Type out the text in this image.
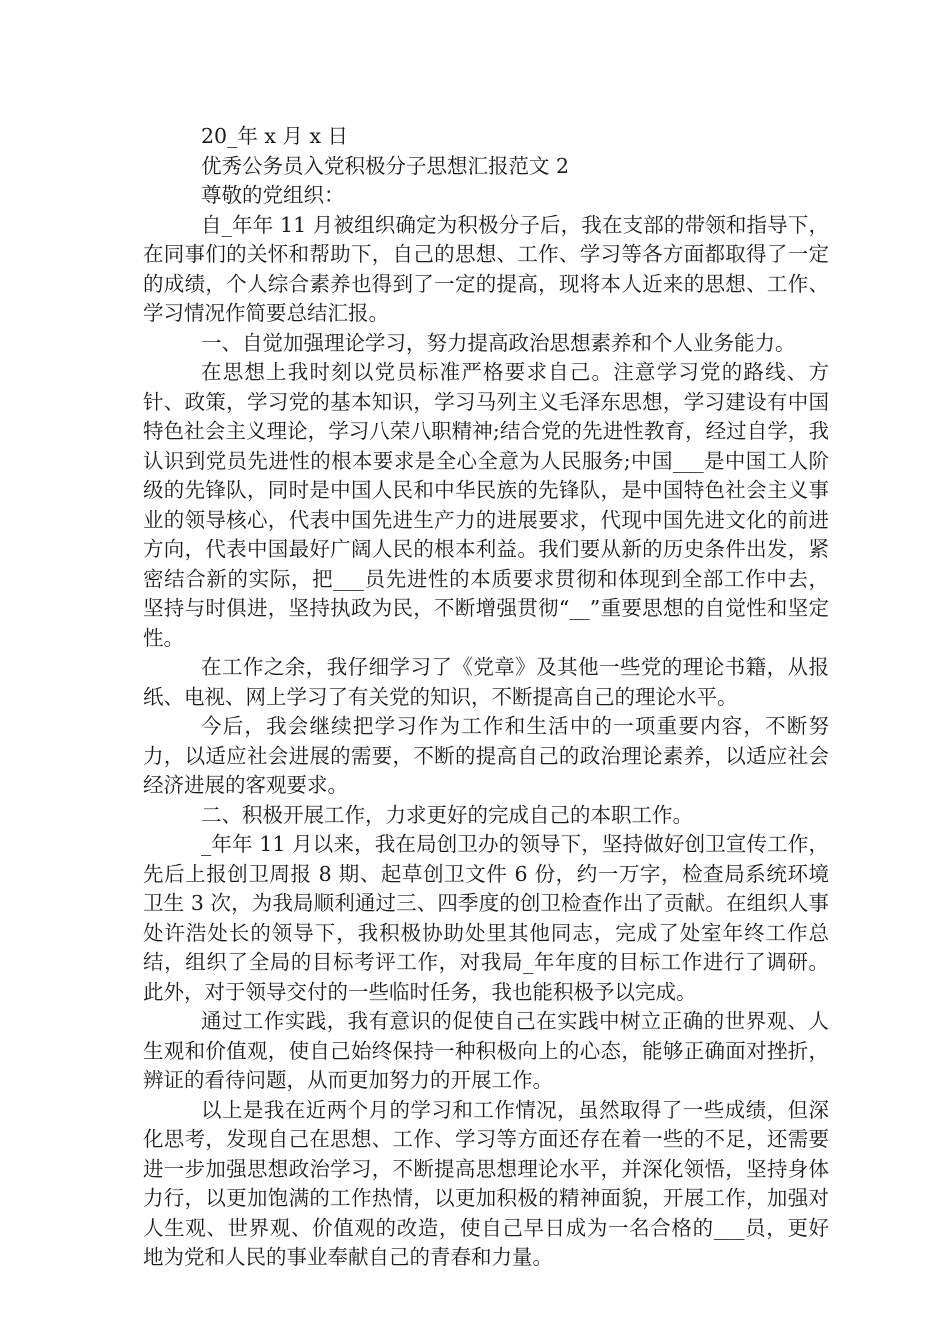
20_年 x 月 x 日

优秀公务员入党积极分子思想汇报范文 2

尊敬的党组织：

自_年年 11 月被组织确定为积极分子后，我在支部的带领和指导下，在同事们的关怀和帮助下，自己的思想、工作、学习等各方面都取得了一定的成绩，个人综合素养也得到了一定的提高，现将本人近来的思想、工作、学习情况作简要总结汇报。

一、自觉加强理论学习，努力提高政治思想素养和个人业务能力。

在思想上我时刻以党员标准严格要求自己。注意学习党的路线、方针、政策，学习党的基本知识，学习马列主义毛泽东思想，学习建设有中国特色社会主义理论，学习八荣八职精神;结合党的先进性教育，经过自学，我认识到党员先进性的根本要求是全心全意为人民服务;中国___是中国工人阶级的先锋队，同时是中国人民和中华民族的先锋队，是中国特色社会主义事业的领导核心，代表中国先进生产力的进展要求，代现中国先进文化的前进方向，代表中国最好广阔人民的根本利益。我们要从新的历史条件出发，紧密结合新的实际，把___员先进性的本质要求贯彻和体现到全部工作中去，坚持与时俱进，坚持执政为民，不断增强贯彻“__”重要思想的自觉性和坚定性。

在工作之余，我仔细学习了《党章》及其他一些党的理论书籍，从报纸、电视、网上学习了有关党的知识，不断提高自己的理论水平。

今后，我会继续把学习作为工作和生活中的一项重要内容，不断努力，以适应社会进展的需要，不断的提高自己的政治理论素养，以适应社会经济进展的客观要求。

二、积极开展工作，力求更好的完成自己的本职工作。

_年年 11 月以来，我在局创卫办的领导下，坚持做好创卫宣传工作，先后上报创卫周报 8 期、起草创卫文件 6 份，约一万字，检查局系统环境卫生 3 次，为我局顺利通过三、四季度的创卫检查作出了贡献。在组织人事处许浩处长的领导下，我积极协助处里其他同志，完成了处室年终工作总结，组织了全局的目标考评工作，对我局_年年度的目标工作进行了调研。此外，对于领导交付的一些临时任务，我也能积极予以完成。

通过工作实践，我有意识的促使自己在实践中树立正确的世界观、人生观和价值观，使自己始终保持一种积极向上的心态，能够正确面对挫折，辨证的看待问题，从而更加努力的开展工作。

以上是我在近两个月的学习和工作情况，虽然取得了一些成绩，但深化思考，发现自己在思想、工作、学习等方面还存在着一些的不足，还需要进一步加强思想政治学习，不断提高思想理论水平，并深化领悟，坚持身体力行，以更加饱满的工作热情，以更加积极的精神面貌，开展工作，加强对人生观、世界观、价值观的改造，使自己早日成为一名合格的___员，更好地为党和人民的事业奉献自己的青春和力量。
